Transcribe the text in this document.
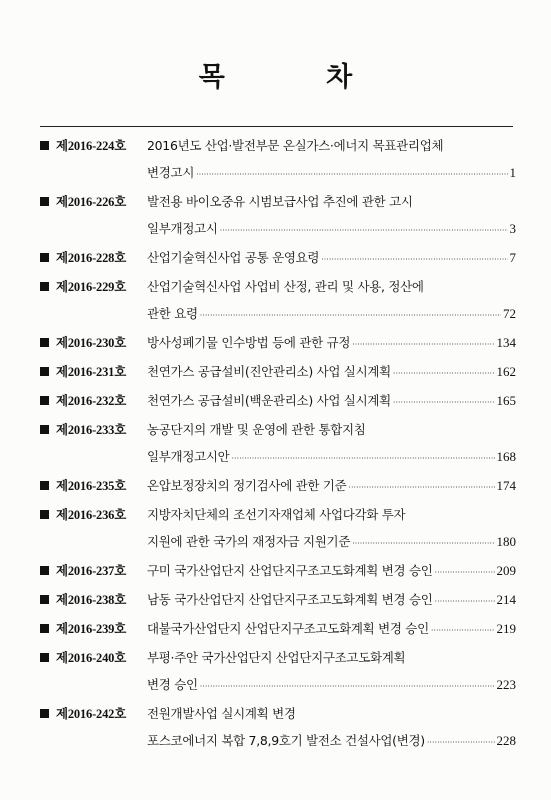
목 차
제2016-224호 2016년도 산업·발전부문 온실가스·에너지 목표관리업체
변경고시 ·····	1
제2016-226호 발전용 바이오중유 시범보급사업 추진에 관한 고시
일부개정고시 ·····	3
제2016-228호 산업기술혁신사업 공통 운영요령 ·····	7
제2016-229호 산업기술혁신사업 사업비 산정, 관리 및 사용, 정산에
관한 요령 ·····	72
제2016-230호 방사성폐기물 인수방법 등에 관한 규정 ·····	134
제2016-231호 천연가스 공급설비(진안관리소) 사업 실시계획 ·····	162
제2016-232호 천연가스 공급설비(백운관리소) 사업 실시계획 ·····	165
제2016-233호 농공단지의 개발 및 운영에 관한 통합지침
일부개정고시안 ·····	168
제2016-235호 온압보정장치의 정기검사에 관한 기준 ·····	174
제2016-236호 지방자치단체의 조선기자재업체 사업다각화 투자
지원에 관한 국가의 재정자금 지원기준 ·····	180
제2016-237호 구미 국가산업단지 산업단지구조고도화계획 변경 승인 ·····	209
제2016-238호 남동 국가산업단지 산업단지구조고도화계획 변경 승인 ·····	214
제2016-239호 대불국가산업단지 산업단지구조고도화계획 변경 승인 ·····	219
제2016-240호 부평·주안 국가산업단지 산업단지구조고도화계획
변경 승인 ·····	223
제2016-242호 전원개발사업 실시계획 변경
포스코에너지 복합 7,8,9호기 발전소 건설사업(변경) ·····	228
